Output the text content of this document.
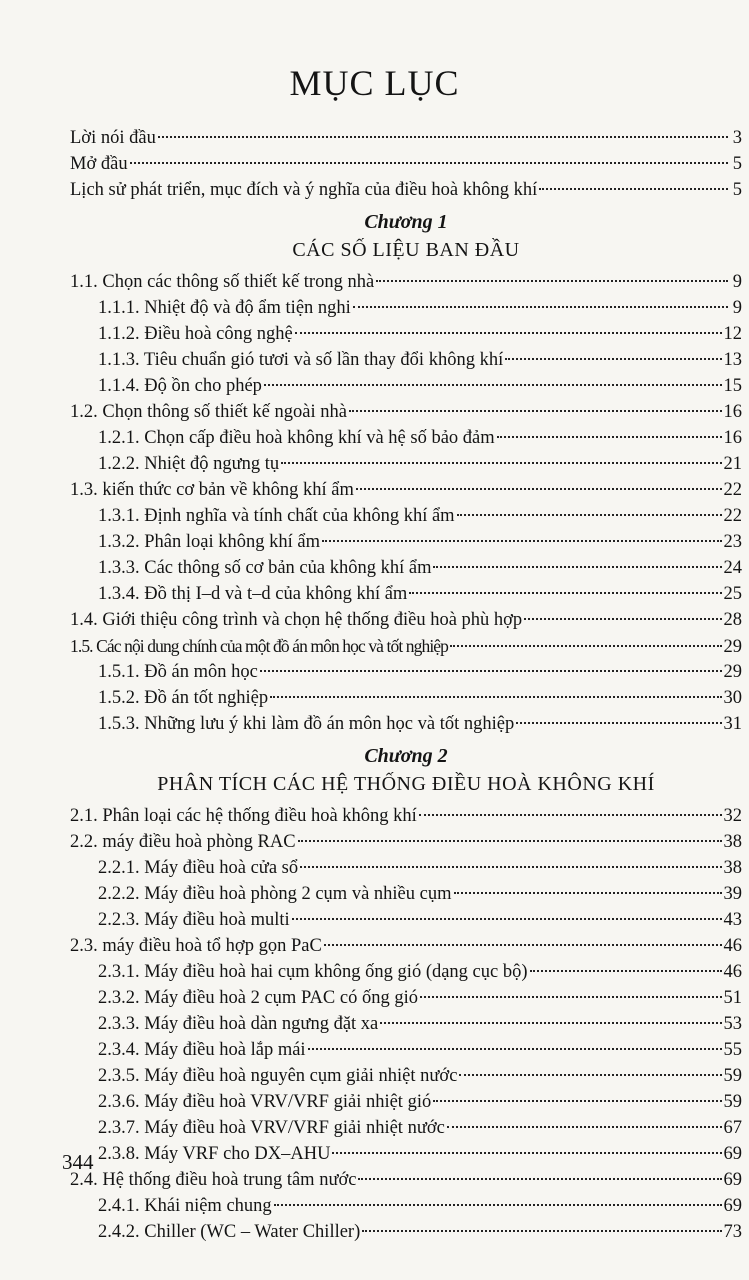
MỤC LỤC
Lời nói đầu	3
Mở đầu	5
Lịch sử phát triển, mục đích và ý nghĩa của điều hoà không khí	5
Chương 1
CÁC SỐ LIỆU BAN ĐẦU
1.1. Chọn các thông số thiết kế trong nhà	9
1.1.1. Nhiệt độ và độ ẩm tiện nghi	9
1.1.2. Điều hoà công nghệ	12
1.1.3. Tiêu chuẩn gió tươi và số lần thay đổi không khí	13
1.1.4. Độ ồn cho phép	15
1.2. Chọn thông số thiết kế ngoài nhà	16
1.2.1. Chọn cấp điều hoà không khí và hệ số bảo đảm	16
1.2.2. Nhiệt độ ngưng tụ	21
1.3. kiến thức cơ bản về không khí ẩm	22
1.3.1. Định nghĩa và tính chất của không khí ẩm	22
1.3.2. Phân loại không khí ẩm	23
1.3.3. Các thông số cơ bản của không khí ẩm	24
1.3.4. Đồ thị I–d và t–d của không khí ẩm	25
1.4. Giới thiệu công trình và chọn hệ thống điều hoà phù hợp	28
1.5. Các nội dung chính của một đồ án môn học và tốt nghiệp	29
1.5.1. Đồ án môn học	29
1.5.2. Đồ án tốt nghiệp	30
1.5.3. Những lưu ý khi làm đồ án môn học và tốt nghiệp	31
Chương 2
PHÂN TÍCH CÁC HỆ THỐNG ĐIỀU HOÀ KHÔNG KHÍ
2.1. Phân loại các hệ thống điều hoà không khí	32
2.2. máy điều hoà phòng RAC	38
2.2.1. Máy điều hoà cửa sổ	38
2.2.2. Máy điều hoà phòng 2 cụm và nhiều cụm	39
2.2.3. Máy điều hoà multi	43
2.3. máy điều hoà tổ hợp gọn PaC	46
2.3.1. Máy điều hoà hai cụm không ống gió (dạng cục bộ)	46
2.3.2. Máy điều hoà 2 cụm PAC có ống gió	51
2.3.3. Máy điều hoà dàn ngưng đặt xa	53
2.3.4. Máy điều hoà lắp mái	55
2.3.5. Máy điều hoà nguyên cụm giải nhiệt nước	59
2.3.6. Máy điều hoà VRV/VRF giải nhiệt gió	59
2.3.7. Máy điều hoà VRV/VRF giải nhiệt nước	67
2.3.8. Máy VRF cho DX–AHU	69
2.4. Hệ thống điều hoà trung tâm nước	69
2.4.1. Khái niệm chung	69
2.4.2. Chiller (WC – Water Chiller)	73
344
